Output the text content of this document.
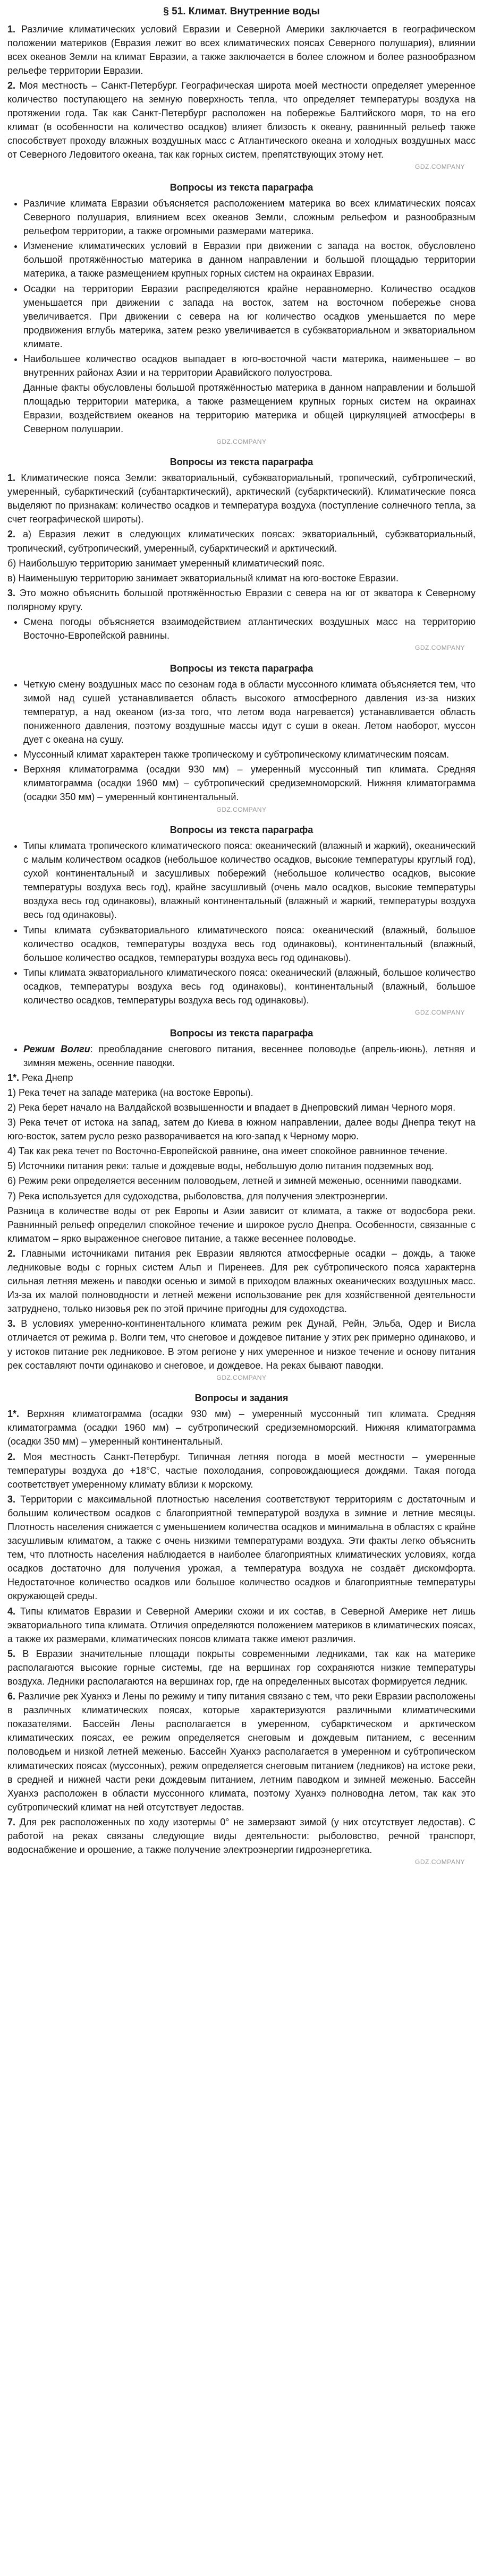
§ 51. Климат. Внутренние воды

1. Различие климатических условий Евразии и Северной Америки заключается в географическом положении материков (Евразия лежит во всех климатических поясах Северного полушария), влиянии всех океанов Земли на климат Евразии, а также заключается в более сложном и более разнообразном рельефе территории Евразии.

2. Моя местность – Санкт-Петербург. Географическая широта моей местности определяет умеренное количество поступающего на земную поверхность тепла, что определяет температуры воздуха на протяжении года. Так как Санкт-Петербург расположен на побережье Балтийского моря, то на его климат (в особенности на количество осадков) влияет близость к океану, равнинный рельеф также способствует проходу влажных воздушных масс с Атлантического океана и холодных воздушных масс от Северного Ледовитого океана, так как горных систем, препятствующих этому нет.

GDZ.COMPANY
Вопросы из текста параграфа
• Различие климата Евразии объясняется расположением материка во всех климатических поясах Северного полушария, влиянием всех океанов Земли, сложным рельефом и разнообразным рельефом территории, а также огромными размерами материка.
• Изменение климатических условий в Евразии при движении с запада на восток, обусловлено большой протяжённостью материка в данном направлении и большой площадью территории материка, а также размещением крупных горных систем на окраинах Евразии.
• Осадки на территории Евразии распределяются крайне неравномерно. Количество осадков уменьшается при движении с запада на восток, затем на восточном побережье снова увеличивается. При движении с севера на юг количество осадков уменьшается по мере продвижения вглубь материка, затем резко увеличивается в субэкваториальном и экваториальном климате.
• Наибольшее количество осадков выпадает в юго-восточной части материка, наименьшее – во внутренних районах Азии и на территории Аравийского полуострова.

Данные факты обусловлены большой протяжённостью материка в данном направлении и большой площадью территории материка, а также размещением крупных горных систем на окраинах Евразии, воздействием океанов на территорию материка и общей циркуляцией атмосферы в Северном полушарии.

GDZ.COMPANY
Вопросы из текста параграфа

1. Климатические пояса Земли: экваториальный, субэкваториальный, тропический, субтропический, умеренный, субарктический (субантарктический), арктический (субарктический). Климатические пояса выделяют по признакам: количество осадков и температура воздуха (поступление солнечного тепла, за счет географической широты).

2. а) Евразия лежит в следующих климатических поясах: экваториальный, субэкваториальный, тропический, субтропический, умеренный, субарктический и арктический.

б) Наибольшую территорию занимает умеренный климатический пояс.

в) Наименьшую территорию занимает экваториальный климат на юго-востоке Евразии.

3. Это можно объяснить большой протяжённостью Евразии с севера на юг от экватора к Северному полярному кругу.

• Смена погоды объясняется взаимодействием атлантических воздушных масс на территорию Восточно-Европейской равнины.
GDZ.COMPANY
Вопросы из текста параграфа
• Четкую смену воздушных масс по сезонам года в области муссонного климата объясняется тем, что зимой над сушей устанавливается область высокого атмосферного давления из-за низких температур, а над океаном (из-за того, что летом вода нагревается) устанавливается область пониженного давления, поэтому воздушные массы идут с суши в океан. Летом наоборот, муссон дует с океана на сушу.
• Муссонный климат характерен также тропическому и субтропическому климатическим поясам.
• Верхняя климатограмма (осадки 930 мм) – умеренный муссонный тип климата. Средняя климатограмма (осадки 1960 мм) – субтропический средиземноморский. Нижняя климатограмма (осадки 350 мм) – умеренный континентальный.
GDZ.COMPANY
Вопросы из текста параграфа
• Типы климата тропического климатического пояса: океанический (влажный и жаркий), океанический с малым количеством осадков (небольшое количество осадков, высокие температуры круглый год), сухой континентальный и засушливых побережий (небольшое количество осадков, высокие температуры воздуха весь год), крайне засушливый (очень мало осадков, высокие температуры воздуха весь год одинаковы), влажный континентальный (влажный и жаркий, температуры воздуха весь год одинаковы).
• Типы климата субэкваториального климатического пояса: океанический (влажный, большое количество осадков, температуры воздуха весь год одинаковы), континентальный (влажный, большое количество осадков, температуры воздуха весь год одинаковы).
• Типы климата экваториального климатического пояса: океанический (влажный, большое количество осадков, температуры воздуха весь год одинаковы), континентальный (влажный, большое количество осадков, температуры воздуха весь год одинаковы).
GDZ.COMPANY
Вопросы из текста параграфа
• Режим Волги: преобладание снегового питания, весеннее половодье (апрель-июнь), летняя и зимняя межень, осенние паводки.

1*. Река Днепр

1) Река течет на западе материка (на востоке Европы).

2) Река берет начало на Валдайской возвышенности и впадает в Днепровский лиман Черного моря.

3) Река течет от истока на запад, затем до Киева в южном направлении, далее воды Днепра текут на юго-восток, затем русло резко разворачивается на юго-запад к Черному морю.

4) Так как река течет по Восточно-Европейской равнине, она имеет спокойное равнинное течение.

5) Источники питания реки: талые и дождевые воды, небольшую долю питания подземных вод.

6) Режим реки определяется весенним половодьем, летней и зимней меженью, осенними паводками.

7) Река используется для судоходства, рыболовства, для получения электроэнергии.

Разница в количестве воды от рек Европы и Азии зависит от климата, а также от водосбора реки. Равнинный рельеф определил спокойное течение и широкое русло Днепра. Особенности, связанные с климатом – ярко выраженное снеговое питание, а также весеннее половодье.

2. Главными источниками питания рек Евразии являются атмосферные осадки – дождь, а также ледниковые воды с горных систем Альп и Пиренеев. Для рек субтропического пояса характерна сильная летняя межень и паводки осенью и зимой в приходом влажных океанических воздушных масс. Из-за их малой полноводности и летней межени использование рек для хозяйственной деятельности затруднено, только низовья рек по этой причине пригодны для судоходства.

3. В условиях умеренно-континентального климата режим рек Дунай, Рейн, Эльба, Одер и Висла отличается от режима р. Волги тем, что снеговое и дождевое питание у этих рек примерно одинаково, и у истоков питание рек ледниковое. В этом регионе у них умеренное и низкое течение и основу питания рек составляют почти одинаково и снеговое, и дождевое. На реках бывают паводки.

GDZ.COMPANY
Вопросы и задания

1*. Верхняя климатограмма (осадки 930 мм) – умеренный муссонный тип климата. Средняя климатограмма (осадки 1960 мм) – субтропический средиземноморский. Нижняя климатограмма (осадки 350 мм) – умеренный континентальный.

2. Моя местность Санкт-Петербург. Типичная летняя погода в моей местности – умеренные температуры воздуха до +18°С, частые похолодания, сопровождающиеся дождями. Такая погода соответствует умеренному климату вблизи к морскому.

3. Территории с максимальной плотностью населения соответствуют территориям с достаточным и большим количеством осадков с благоприятной температурой воздуха в зимние и летние месяцы. Плотность населения снижается с уменьшением количества осадков и минимальна в областях с крайне засушливым климатом, а также с очень низкими температурами воздуха. Эти факты легко объяснить тем, что плотность населения наблюдается в наиболее благоприятных климатических условиях, когда осадков достаточно для получения урожая, а температура воздуха не создаёт дискомфорта. Недостаточное количество осадков или большое количество осадков и благоприятные температуры окружающей среды.

4. Типы климатов Евразии и Северной Америки схожи и их состав, в Северной Америке нет лишь экваториального типа климата. Отличия определяются положением материков в климатических поясах, а также их размерами, климатических поясов климата также имеют различия.

5. В Евразии значительные площади покрыты современными ледниками, так как на материке располагаются высокие горные системы, где на вершинах гор сохраняются низкие температуры воздуха. Ледники располагаются на вершинах гор, где на определенных высотах формируется ледник.

6. Различие рек Хуанхэ и Лены по режиму и типу питания связано с тем, что реки Евразии расположены в различных климатических поясах, которые характеризуются различными климатическими показателями. Бассейн Лены располагается в умеренном, субарктическом и арктическом климатических поясах, ее режим определяется снеговым и дождевым питанием, с весенним половодьем и низкой летней меженью. Бассейн Хуанхэ располагается в умеренном и субтропическом климатических поясах (муссонных), режим определяется снеговым питанием (ледников) на истоке реки, в средней и нижней части реки дождевым питанием, летним паводком и зимней меженью. Бассейн Хуанхэ расположен в области муссонного климата, поэтому Хуанхэ полноводна летом, так как это субтропический климат на ней отсутствует ледостав.

7. Для рек расположенных по ходу изотермы 0° не замерзают зимой (у них отсутствует ледостав). С работой на реках связаны следующие виды деятельности: рыболовство, речной транспорт, водоснабжение и орошение, а также получение электроэнергии гидроэнергетика.

GDZ.COMPANY
